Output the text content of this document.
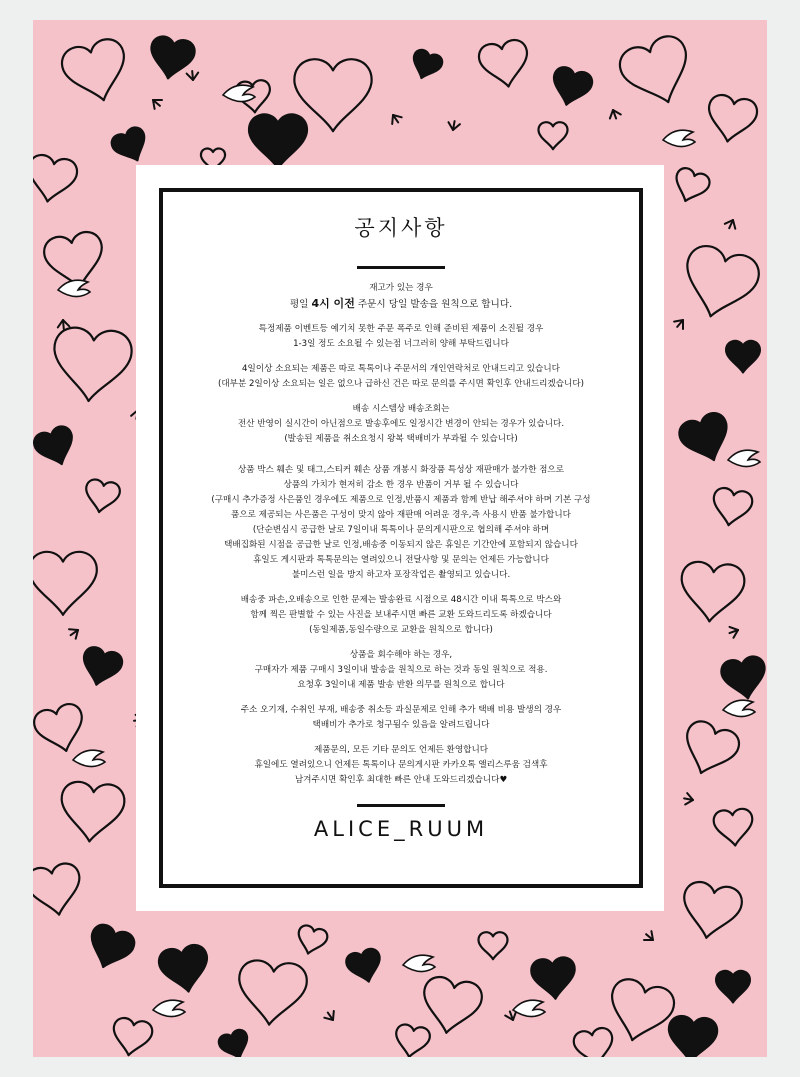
공지사항
재고가 있는 경우
평일 4시 이전 주문시 당일 발송을 원칙으로 합니다.
특정제품 이벤트등 예기치 못한 주문 폭주로 인해 준비된 제품이 소진될 경우
1-3일 정도 소요될 수 있는점 너그러히 양해 부탁드립니다
4일이상 소요되는 제품은 따로 톡톡이나 주문서의 개인연락처로 안내드리고 있습니다
(대부분 2일이상 소요되는 일은 없으나 급하신 건은 따로 문의를 주시면 확인후 안내드리겠습니다)
배송 시스템상 배송조회는
전산 반영이 실시간이 아닌점으로 발송후에도 일정시간 변경이 안되는 경우가 있습니다.
(발송된 제품을 취소요청시 왕복 택배비가 부과될 수 있습니다)
상품 박스 훼손 및 태그,스티커 훼손 상품 개봉시 화장품 특성상 재판매가 불가한 점으로
상품의 가치가 현저히 감소 한 경우 반품이 거부 될 수 있습니다
(구매시 추가증정 사은품인 경우에도 제품으로 인정,반품시 제품과 함께 반납 해주셔야 하며 기본 구성
품으로 제공되는 사은품은 구성이 맞지 않아 재판매 어려운 경우,즉 사용시 반품 불가합니다
(단순변심시 공급한 날로 7일이내 톡톡이나 문의게시판으로 협의해 주셔야 하며
택배집화된 시점을 공급한 날로 인정,배송중 이동되지 않은 휴일은 기간안에 포함되지 않습니다
휴일도 게시판과 톡톡문의는 열려있으니 전달사항 및 문의는 언제든 가능합니다
불미스런 일을 방지 하고자 포장작업은 촬영되고 있습니다.
배송중 파손,오배송으로 인한 문제는 발송완료 시점으로 48시간 이내 톡톡으로 박스와
함께 찍은 판별할 수 있는 사진을 보내주시면 빠른 교환 도와드리도록 하겠습니다
(동일제품,동일수량으로 교환을 원칙으로 합니다)
상품을 회수해야 하는 경우,
구매자가 제품 구매시 3일이내 발송을 원칙으로 하는 것과 동일 원칙으로 적용.
요청후 3일이내 제품 발송 반환 의무를 원칙으로 합니다
주소 오기재, 수취인 부재, 배송중 취소등 과실문제로 인해 추가 택배 비용 발생의 경우
택배비가 추가로 청구됨수 있음을 알려드립니다
제품문의, 모든 기타 문의도 언제든 환영합니다
휴일에도 열려있으니 언제든 톡톡이나 문의게시판 카카오톡 앨리스루움 검색후
남겨주시면 확인후 최대한 빠른 안내 도와드리겠습니다♥
ALICE_RUUM
